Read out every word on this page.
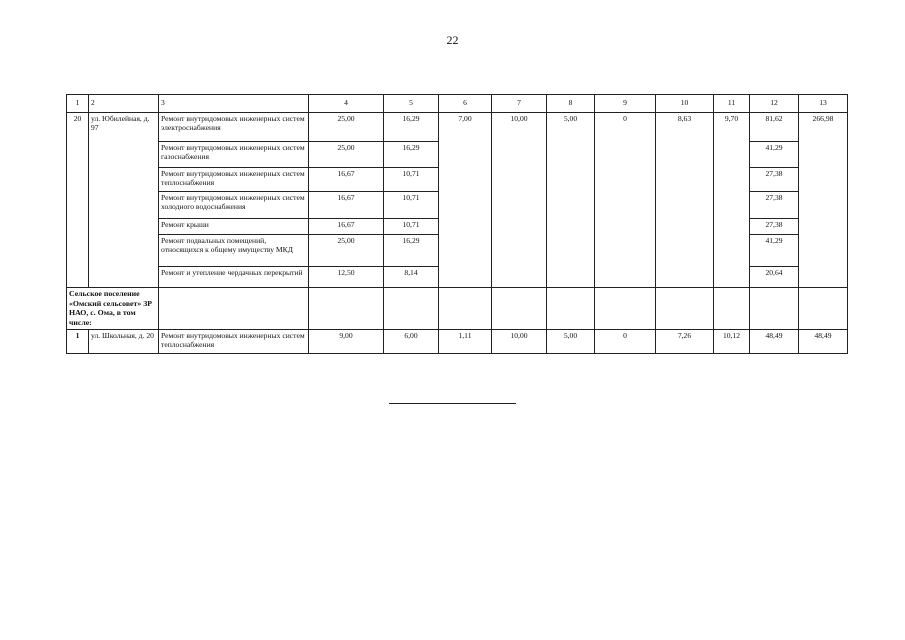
22
1	2	3	4	5	6	7	8	9	10	11	12	13
20	ул. Юбилейная, д. 97	Ремонт внутридомовых инженерных систем электроснабжения	25,00	16,29	7,00	10,00	5,00	0	8,63	9,70	81,62	266,98
		Ремонт внутридомовых инженерных систем газоснабжения	25,00	16,29							41,29	
		Ремонт внутридомовых инженерных систем теплоснабжения	16,67	10,71							27,38	
		Ремонт внутридомовых инженерных систем холодного водоснабжения	16,67	10,71							27,38	
		Ремонт крыши	16,67	10,71							27,38	
		Ремонт подвальных помещений, относящихся к общему имуществу МКД	25,00	16,29							41,29	
		Ремонт и утепление чердачных перекрытий	12,50	8,14							20,64	
Сельское поселение «Омский сельсовет» ЗР НАО, с. Ома, в том числе:												
1	ул. Школьная, д. 20	Ремонт внутридомовых инженерных систем теплоснабжения	9,00	6,00	1,11	10,00	5,00	0	7,26	10,12	48,49	48,49
